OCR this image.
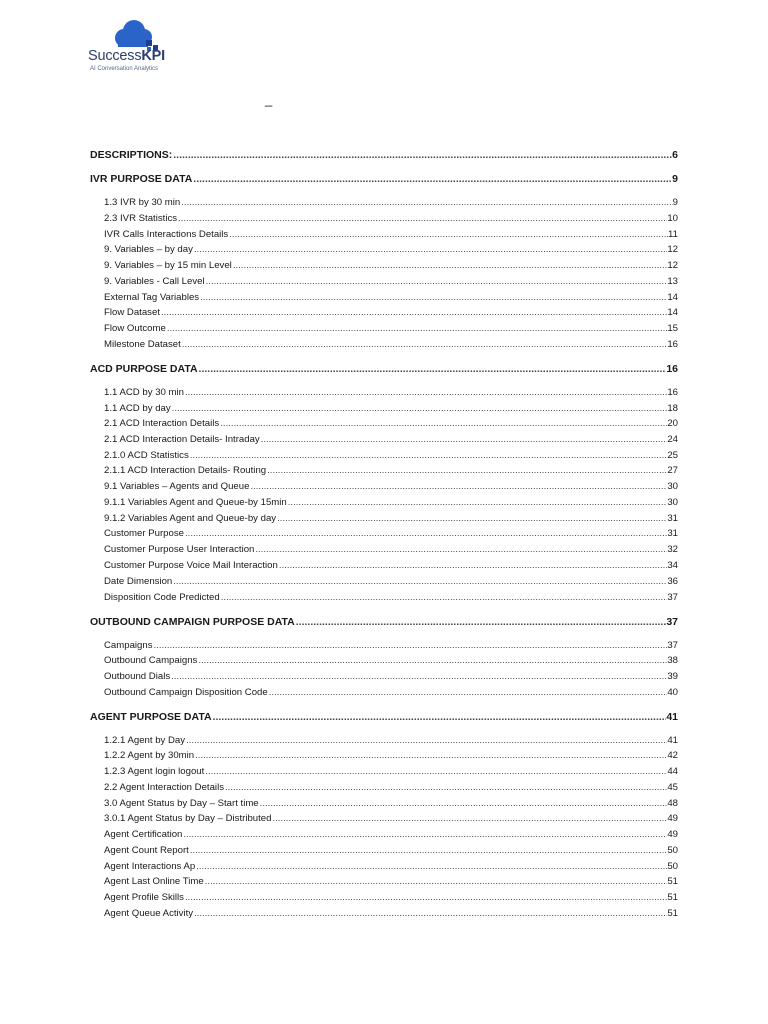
SuccessKPI
AI Conversation Analytics
_
DESCRIPTIONS: .....	6
IVR PURPOSE DATA .....	9
1.3 IVR by 30 min .....	9
2.3 IVR Statistics .....	10
IVR Calls Interactions Details .....	11
9. Variables – by day .....	12
9. Variables – by 15 min Level .....	12
9. Variables - Call Level .....	13
External Tag Variables .....	14
Flow Dataset .....	14
Flow Outcome .....	15
Milestone Dataset .....	16
ACD PURPOSE DATA .....	16
1.1 ACD by 30 min .....	16
1.1 ACD by day .....	18
2.1 ACD Interaction Details .....	20
2.1 ACD Interaction Details- Intraday .....	24
2.1.0 ACD Statistics .....	25
2.1.1 ACD Interaction Details- Routing .....	27
9.1 Variables – Agents and Queue .....	30
9.1.1 Variables Agent and Queue-by 15min .....	30
9.1.2 Variables Agent and Queue-by day .....	31
Customer Purpose .....	31
Customer Purpose User Interaction .....	32
Customer Purpose Voice Mail Interaction .....	34
Date Dimension .....	36
Disposition Code Predicted .....	37
OUTBOUND CAMPAIGN PURPOSE DATA .....	37
Campaigns .....	37
Outbound Campaigns .....	38
Outbound Dials .....	39
Outbound Campaign Disposition Code .....	40
AGENT PURPOSE DATA .....	41
1.2.1 Agent by Day .....	41
1.2.2 Agent by 30min .....	42
1.2.3 Agent login logout .....	44
2.2 Agent Interaction Details .....	45
3.0 Agent Status by Day – Start time .....	48
3.0.1 Agent Status by Day – Distributed .....	49
Agent Certification .....	49
Agent Count Report .....	50
Agent Interactions Ap .....	50
Agent Last Online Time .....	51
Agent Profile Skills .....	51
Agent Queue Activity .....	51
